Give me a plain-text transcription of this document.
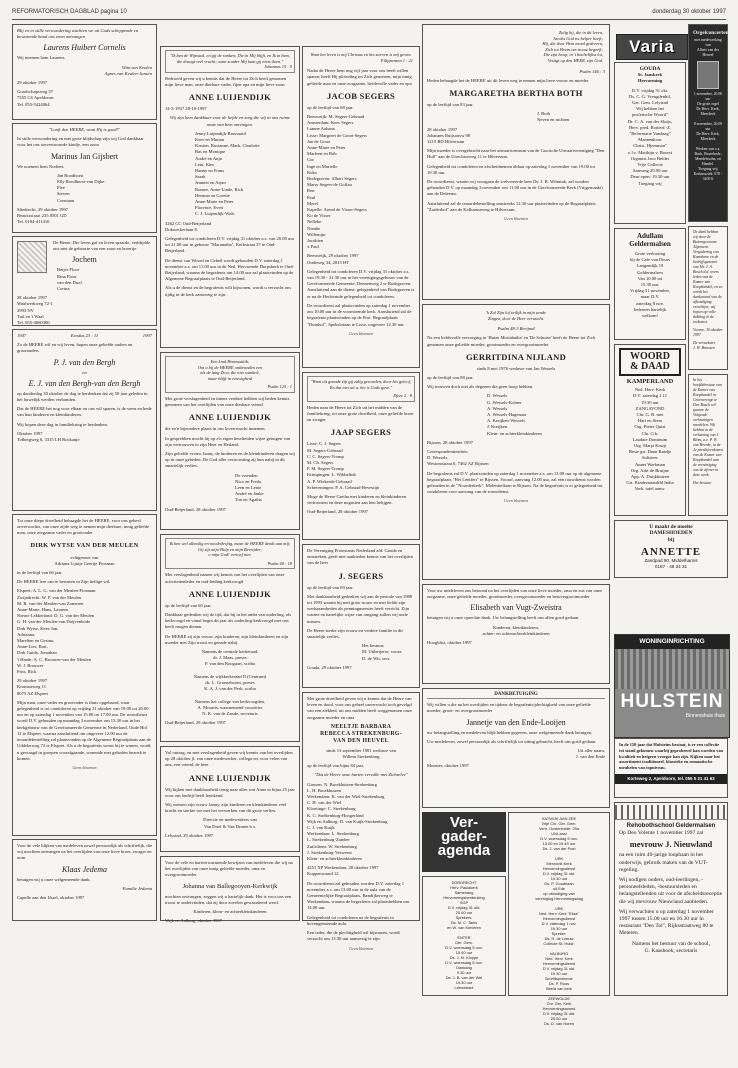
REFORMATORISCH DAGBLAD pagina 10	donderdag 30 oktober 1997

Blij en in stille verwondering wachten we uit Gods scheppende en bewarende hand ons zoon ontvangen

Laurens Huibert Cornelis

Wij noemen hem Laurens.

Wim van Keulen
Agnes van Keulen-Jansen

29 oktober 1997

Graafschapsweg 57
7555 CS Apeldoorn
Tel. 055-5424064

"Looft den HEERE, want Hij is goed!"

In stille verwondering en met grote blijdschap zijn wij God dankbaar voor het ons toevertrouwde kindje, een zoon

Marinus Jan Gijsbert

We noemen hem Norbert.

Jan Roodhorst
Elly Roodhorst-van Dijke
Flee
Steven
Constaan

Sliedrecht, 29 oktober 1997
Beatrixstraat 235 8501 GD
Tel. 0184-411410

De Heere, Die leven gaf en leven spaarde, verblijdde ons met de geboorte van een zoon en broertje

Jochem

Beijer Floor
Rina Floor
van den Dool
Corina

28 oktober 1997
Waalwerkweg 72-1
2993 NV
Tuil en 't Waal
Tel. 055-4660300

1947	Exodus 23 : 11	1997

Zo de HEERE wil en wij leven, hopen onze geliefde ouders en grootouders

P. J. van den Bergh
en
E. J. van den Bergh-van den Bergh

op donderdag 30 oktober de dag te herdenken dat zij 50 jaar geleden in het huwelijk werden verbonden.

Dat de HEERE het nog voor elkaar en ons wil sparen, is de wens en bede van hun kinderen en kleinkinderen.

Wij hopen deze dag in familiekring te herdenken.

Oktober 1997
Tolbergweg 6, 3315 LH Rockanje

Tot onze diepe droefheid behaagde het de HEERE, voor ons geheel onverwachts, van onze zijde weg te nemen mijn dierbare, innig geliefde man, onze zorgzame vader en grootvader

DIRK WYTSE VAN DER MEULEN

echtgenoot van
Adriana Lijntje Geertje Prosman

in de leeftijd van 66 jaar.

De HEERE lere ons te berusten in Zijn heilige wil.

Elspeet: A. L. G. van der Meulen-Prosman
Zwijndrecht: W. P. van der Meulen
M. B. van der Meulen-van Zomeren
Anne-Marie, Hans, Laurens
Nieuw-Lekkerland: D. G. van der Meulen
G. H. van der Meulen-van Duijvenbode
Dirk Wytse, Kees-Jan,
Adrianna,
Marelten en Gesina,
Anne-Lies, Bart,
Dirk Guido, Jonathan
't Harde: A. C. Brouwer-van der Meulen
W. J. Brouwer
Frits, Rick

29 oktober 1997
Kromsteweg 11
8075 AZ Elspeet

Mijn man, onze vader en grootvader is thuis opgebaard, waar gelegenheid is tot condoleren op vrijdag 31 oktober van 19.00 tot 20.00 uur en op zaterdag 1 november van 15.00 tot 17.00 uur. De rouwdienst wordt D.V. gehouden op maandag 3 november om 13.30 uur in het kerkgebouw van de Gereformeerde Gemeente in Nederland, Oude Hol 12 te Elspeet, waarna aansluitend om ongeveer 12.00 uur de teraardebestelling zal plaatsvinden op de Algemene Begraafplaats aan de Uddelerweg 72 te Elspeet. Als u de begrafenis wenst bij te wonen, wordt u gevraagd in groepen voorafgaande, wonende met geboden bezoek te komen.

Geen bloemen

Voor de vele blijken van medeleven zowel persoonlijk als schriftelijk, die wij mochten ontvangen na het overlijden van onze lieve broer, zwager en oom

Klaas Jedema

betuigen wij u onze welgemeende dank.

Familie Jedema

Capelle aan den IJssel, oktober 1997

"Ik ben de Wijnstok, en gij de ranken; Die in Mij blijft, en Ik in hem, die draagt veel vrucht; want zonder Mij kunt gij niets doen."
Johannes 15 : 5

Bedroefd geven wij u kennis dat de Heere tot Zich heeft genomen mijn lieve man, onze dierbare vader, fijne opa en mijn lieve zoon

ANNE LUIJENDIJK

14-3-1937 28-10-1997

Wij zijn hem dankbaar voor de liefde en zorg die wij in ons ruime mate van hem ontvingen.

Jenny Luijendijk-Brussaard
Kees en Marian
Kirsten, Rosianne, Mark, Charlotte
Bas en Monique
André en Anja
Leni, Kim
Hanny en Frans
Sarah
Jeannet en Arjan
Romee, Anne-Linde, Rick
Herman en Corette
Anne-Marie en Peter
Florence, Evert
C. J. Luijendijk-Wols

3262 CC Oud-Beijerland
Dokwerkerlaan 8

Gelegenheid tot condoleren D.V. vrijdag 31 oktober a.s. van 20.00 uur tot 21.00 uur in gebouw "Maranatha", Kerkstraat 37 te Oud-Beijerland.

De dienst van Woord en Gebed wordt gehouden D.V. zaterdag 1 november a.s. om 11.00 uur in de Ned. Hervormde Dorpskerk te Oud-Beijerland, waarna de begrafenis om 14.00 uur zal plaatsvinden op de Algemene Begraafplaats te Oud-Beijerland.

Als u de dienst en de begrafenis wilt bijwonen, wordt u verzocht om tijdig in de kerk aanwezig te zijn.

Een kind Hemmatiith;
Om u bij de HEERE ontbranden een
als de lang Zion, die niet wankelt,
maar blijft in eeuwigheid
Psalm 125 : 1

Met grote verslagenheid en intens verdriet hebben wij heden kennis genomen van het overlijden van onze dierbare vriend

ANNE LUIJENDIJK

die zo'n bijzondere plaats in ons leven mocht innemen.

In gesprekken mocht hij op z'n eigen bescheiden wijze getuigen van zijn vertrouwen in zijn Heer en Heiland.

Zijn geliefde vrouw Janny, de kinderen en de kleinkinderen dragen wij op in onze gebeden. De God aller vertroosting zij hun nabij in dit smartelijk verlies.

De vrienden
Nico en Freda
Leen en Lenie
André en Janke
Ton en Agatha

Oud-Beijerland, 28 oktober 1997

Ik ben wel allmalig en noodrikrijtig, maar de HEERE denkt aan mij;
Gij zijt mijn Hulp en mijn Bevrijder;
o mijn God! vertoef niet.
Psalm 40 : 18

Met verslagenheid namen wij kennis van het overlijden van onze activiteitenleder en oud-leiding kerkvoogd

ANNE LUIJENDIJK

op de leeftijd van 60 jaar.

Dankbaar gedenken wij de tijd, dat hij in het ambt van ouderling, als kerkvoogd en vanaf begin dit jaar als ouderling-kerkvoogd met ons heeft mogen dienen.

De HEERE zij zijn vrouw, zijn kinderen, zijn kleinkinderen en zijn moeder met Zijn troost en genade nabij.

Namens de centrale kerkeraad,
dr. J. Maas, preses
P. van den Boogaart, scriba

Namens de wijkkerkeraad II (Centrum)
ds. L. Groeneboom, preses
K. A. J. van der Perk, scriba

Namens het college van kerkvoogden,
A. Mourits, waarnemend voorzitter
N. K. van de Zande, secretaris

Oud-Beijerland, 29 oktober 1997

Vol ontzag, en met verslagenheid geven wij kennis van het overlijden op 28 oktober jl. van onze medewerker, collega en, voor velen van ons, een vriend, de heer

ANNE LUIJENDIJK

Wij kijken met dankbaarheid terug naar alles wat Anne in bijna 25 jaar voor ons bedrijf heeft betekend.

Wij wensen zijn vrouw Janny, zijn kinderen en kleinkinderen veel kracht en sterkte toe met het verwerken van dit grote verlies.

Directie en medewerkers van
Van Driel & Van Druten b.v.

Lelystad, 29 oktober 1997

Voor de vele en hartverwarmende bewijzen van medeleven die wij na het overlijden van onze innig geliefde moeder, oma en overgrootmoeder

Johanna van Ballegooyen-Kerkwijk

mochten ontvangen, zeggen wij u hartelijk dank. Het is voor ons een troost te ondervinden, dat zij door zovelen gewaardeerd werd.

Kinderen, klein- en achterkleinkinderen

Wijk en Aalburg, oktober 1997

Want het leven is mij Christus en het sterven is mij gewin.
Filippenzen 1 : 21

Nadat de Heere hem nog vijf jaar voor ons heeft willen sparen, heeft Hij plotseling tot Zich genomen, mijn innig geliefde man en onze zorgzame, liefdevolle vader en opa

JACOB SEGERS

op de leeftijd van 68 jaar.

Beesweijk: M. Segers-Gebraad
Amsterdam: Kees Segers
Lianne Aalsma
Lisse: Margreet de Groot-Segers
Jan de Groot
Anne-Marie en Peter
Marleen en Bob
Cor
Inge en Marielle
Roko
Bodegraven: Albert Segers
Marry Segers-de Goffau
Ren
Paul
Merel
Kapelle: Arend de Visser-Segers
Ko de Visser
Nelleke
Nienke
Willemijn
Jacobien
± Paul

Beesweijk, 29 oktober 1997
Oudeweg 34, 2815 HT

Gelegenheid tot condoleren D.V. vrijdag 31 oktober a.s. van 19.30 - 21.30 uur in het verenigingsgebouw van de Gereformeerde Gemeente, Dennenweg 2 te Bodegraven. Aansluitend aan de dienst: gelegenheid van Bodegraven is er na de Herformde gelegenheid tot condoleren.

De rouwdienst zal plaatsvinden op zaterdag 1 november om 10.00 uur in de voornoemde kerk. Aansluitend zal de begrafenis plaatsvinden op de Prot. Begraafplaats "Duinhof", Speksloiaan te Lisse, ongeveer 12.30 uur.

Geen bloemen
"Want uit genade zijt gij zalig geworden, door het geloof;
En dat niet uit u, het is Gods gave."
Efeze 2 : 8

Heden nam de Heere tot Zich uit het midden van de familiekring, tot onze grote droefheid, onze geliefde broer en zwager

JAAP SEGERS

Lisse: C. J. Segers
M. Segers-Gebraad
C. C. Segers-Tromp
M. Ch. Segers
P. M. Segers-Tromp
Krimpingen: L. Wibbelink
A. P. Wiekerde-Gebraad
Scheveningen: P. A. Gebraad-Bevestijn

Moge de Heere Gretha met kinderen en kleinkinderen vertroosten en deze nogasten aan hen belijgen.

Oud-Beijerland, 28 oktober 1997

De Vereniging Protestants Nederland afd. Gouda en omstreken, geeft met aanbieden kennis van het overlijden van de heer

J. SEGERS

op de leeftijd van 69 jaar.

Met dankbaarheid gedenken wij aan de periode van 1989 tot 1993 waarin hij met grote trouw en met liefde zijn werkzaamheden als penningmeester heeft verricht. Zijn warme en hartelijke wijze van omgang zullen wij node missen.

De Heere sterke zijn vrouw en verdere familie in dit smartelijk verlies.

Het bestuur:
M. Uitbeijerse, voorz.
D. de Wit, secr.

Gouda, 29 oktober 1997

Met grote droefheid geven wij u kennis dat de Heere van leven en dood, voor ons geheel onverwacht toch gevolgd van een ziekbed, uit ons midden heeft weggenomen onze zorgzame moeder en oma

NEELTJE BARBARA
REBECCA STREKENBURG-
VAN DEN HEUVEL

sinds 13 september 1981 weduwe van
Willem Strekenburg

op de leeftijd van bijna 84 jaar.

"Dat de Heere onze harten vervulle met Zichzelve"

Giessen: N. Broekhuizen-Strekenburg
L. H. Broekhuizen
Werkendam: K. van der Wiel-Strekenburg
C. H. van der Wiel
Klootinge: C. Strekenburg
K. C. Strekenburg-Hoogerland
Wijk en Aalburg: D. van Kuijk-Strekenburg
C. J. van Kuijk
Werkendam: L. Strekenburg
L. Strekenburg-Zandee
Zuilichem: W. Strekenburg
J. Strekenburg-Verweest
Klein- en achterkleinkinderen

4251 XP Werkendam, 28 oktober 1997
Koppenwaard 12

De rouwdienst zal gehouden worden D.V. zaterdag 1 november a.s. om 13.00 uur in de aula van de Gemeentelijke Begraafplaats, Bandijkerweg te Werkendam, waarna de begrafenis zal plaatshebben om 14.00 uur.

Gelegenheid tot condoleren na de begrafenis in bovengenoemde aula.

Een ieder, die de plechtigheid wil bijwonen, wordt verzocht om 13.30 uur aanwezig te zijn.

Geen bloemen
Zalig hij, die in dit leven,
Jacobs God tot helper heeft;
Hij, die door Hem moed gedreven,
Zich tot Heem om troost begeeft;
Die zijn hoop, in 't hachelijkst lot,
Vestigt op den HEER, zijn God.

Psalm 146 : 3

Heden behaagde het de HEERE uit dit leven weg te nemen mijn lieve vrouw en moeder

MARGARETHA BERTHA BOTH

op de leeftijd van 83 jaar.

J. Both
Neven en nichten

28 oktober 1997
Johannes Ruijsonsw 90
1215 BD Hilversum

Mijn moeder is overgebracht naar het uitvaartcentrum van de Gooische Uitvaartvereniging "Den Hull" aan de Utrechtseweg 11 te Hilversum.

Gelegenheid tot condoleren en afscheidnemen aldaar op zaterdag 1 november van 19.00 tot 19.30 uur.

De rouwdienst, waarin wij voorgaan de welvereerde heer Ds. J. B. Wilmink, zal worden gehouden D.V. op maandag 3 november om 11.00 uur in de Gereformeerde Kerk (Vrijgemaakt) aan de Deleeuw.

Aansluitend zal de teraardebestelling omstreeks 12.30 uur plaatsvinden op de Begraafplaats "Zuiderhof" aan de Kolhamseweg te Hilversum.

Geen bloemen
'k Zal Zijn lof zeilijk in mijn zende
Zingen, door de Heer verwacht.

Psalm 48:3 Berijmd

Na een liefdevolle verzorging in 'Huize Moriabatha' en 'De Schutse' heeft de Heere tot Zich genomen onze geliefde moeder, grootmoeder en overgrootmoeder

GERRITDINA NIJLAND

sinds 8 mei 1976 weduwe van Jan Wessels

op de leeftijd van 88 jaar.

Wij trouwen doch niet als degenen die geen hoop hebben.

D. Wessels
G. Wessels-Kolner
A. Wessels
A. Wessels-Hagenaar
A. Kreijken-Wessels
J. Kreijken
Klein- en achterkleinkinderen

Rijssen, 28 oktober 1997

Correspondentieadres:
D. Wessels,
Westomstraat 6, 7462 AZ Rijssen

De begrafenis zal D.V. plaatsvinden op zaterdag 1 november a.s. om 13.00 uur op de algemene begraafplaats "Het Lentfert" te Rijssen. Vooraf, aanvang 12.00 uur, zal een rouwdienst worden gehouden in de "Noorderkerk", Molenhoflaan te Rijssen. Na de begrafenis is er gelegenheid tot condoleren voor aanvang van de rouwdienst.

Geen bloemen

Voor uw medeleven ons betoond na het overlijden van onze lieve moeder, oma en zus van onze zorgzame, onze geliefde moeder, grootmoeder, overgrootmoeder en betovergrootmoeder

Elisabeth van Vugt-Zweistra

betuigen wij u onze oprechte dank. Uw belangstelling heeft ons allen goed gedaan.

Kinderen, kleinkinderen,
achter- en achterachterkleinkinderen

Hoogblist, oktober 1997

DANKBETUIGING

Wij willen u die na het overlijden en tijdens de begrafenis/plechtigheid van onze geliefde moeder, groot- en overgrootmoeder

Jannetje van den Ende-Looijen

uw belangstelling en medeleven blijk hebben gegeven, onze welgemeende dank betuigen.

Uw medeleven, zowel persoonlijk als schriftelijk tot uiting gebracht, heeft ons goed gedaan.

Uit aller naam,
J. van den Ende

Monster, oktober 1997

Ver- gader- agenda
DORDRECHT
Herv. Paulakerk
Samenang
Hervormingsherdenking
SGP
D.V. vrijdag 31 okt.
20.00 uur
Sprekers:
Ds. M. C. Tanis
en W. van Kleveren

ENTER
Ger. Gem.
D.V. woensdag 5 nov.
15.00 uur
Ds. J. M. Kloppe
D.V. woensdag 5 nov.
Dankdag
9.30 uur
Ds. J. B. van der Wel
19.30 uur
Leeuwhaut
KATWIJK AAN ZEE
Vrije Chr. Ger. Gem.
Verh. Oosterholdtr. 29a
UNI-zaal
D.V. woensdag 5 nov.
15.00 en 19.45 uur
Ds. J. van der Poel

URK
Mennonit-Kerk
Hervormingsdienst
D.V. vrijdag 31 okt.
19.30 uur
Ds. P. Goudriaan
uit Ede
op uitnodiging van
vereniging Hervormingsdag

URK
Ned. Herv. Kerk "Eliza"
Hervormingsdienst
D.V. zaterdag 1 nov.
19.30 uur
Spreker:
Ds. H. de Leeuw
Collecte St. Huldr.

VALBURG
Ned. Herv. Kerk
Hervormingsdienst
D.V. vrijdag 31 okt.
19.30 uur
Schriftsprekend:
Ds. P. Roos
Beeld van kerk

ZEEWOLDE
Chr. Ger. Kerk
Hervormingsavond
D.V. vrijdag 31 okt.
20.00 uur
Ds. D. van Horen
Varia
GOUDA

St. Janskerk
Hervorming

D.V. vrijdag 31 okt.
Ds. C. G. Vreugdenhil,
Ger. Gem. Lelystad
Wij hebben het
profetische Woord"
Dr. C. A. van der Sluijs,
Herv. pred. Rotterd.-Z.
"Reformatie Vandaag"
Mannenkoor
Christ. Hjemman"
o.l.v. Marthijn v. Boorst
Organist Jaco Belder
Vrije Collecte
Aanvang 20.00 uur
Deur open: 19.30 uur
Toegang vrij

Orgelconcerten

met medewerking van
Albert van der Heuvel

1 november, 20.00 uur
De grote orgel
De Herv. Kerk, Meerkerk

8 november, 20.00 uur
De Herv. Kerk, Meerkerk

Werken van o.a. Bach, Buxtehude, Mendelssohn, en Handel.
Toegang vrij
Kerkmuziek: 070 - 3450 6

Adullam
Geldermalsen

Grote verlooting
bij de Cafe van Deurs
Langendijk 19
Geldermalsen
Van 10.00 tot
15.30 uur.
Vrijdag 31 november,
maar D.V.
zaterdag 8 nov.
Iedereen hartelijk
welkom!

WOORD
& DAAD
KAMPERLAND

Ned. Herv. Kerk
D.V. zaterdag 1.11
19.30 uur
ZANGAVOND
Chr. G. B. met
Hart en Stem
Org. Pieter Quist
Chr. G.k.
Laudate Dominum
Org. Marja Kruijt
Beste grt. Daan Raadje
Solisten:
Annet Werkman
Org. Adri de Bruijne
App. A. Duijkhuizen
Grt. Kindermiatdfld India
Verk. tafel aanw.

De dank hebben wij door de Buitengewoone Algemene Vergadering van Kamdomo en de bedrijfsgenoten van Mr. J. A. Bosch d.d. overs leden van de Kamer van Koophandel; en zo wordt het dankwoord van de afkondiging verschijnt; wij hopen op volle dekking in de toekomst.

Voorne, 30 oktober 1997

De verstekster
J. W. Hanssen

In het hoofdsbestuur van de Kamer van Koophandel in Groenerenge te Den Bosch wil gaarne de Volgende verkiezingen meedelen: Wij hebben in de verkiezing van J. Blom, a.e. P. W. van Heerde, in de 2e persbijeenkomst van de Kamer van Koophandel aan de vernietiging van de afvoer in deze week.

Het bestuur

U maakt de moeite
DAMESHOEDEN
bij

ANNETTE

Zandpad 90, Middelharnis
0187 - 48 24 31

WONINGINRICHTING
HULSTEIN
Binnenshuis thuis

In de 150 jaar dat Hulsteins bestaat, is er een collectie tot stand gekomen waarbij geprobeerd kan worden van kwaliteit en hetgeen vroeger kan zijn. Kijken naar het assortiment traditioneel, klassieke en romantische meubelen van topniveau.

Korteweg 2, Apeldoorn, tel. 055 5 21 41 63
Rehobothschool Geldermalsen

Op Deo Volente 1 november 1997 zal

mevrouw J. Nieuwland

na een ruim 40-jarige loopbaan in het onderwijs, gebruik maken van de VUT-regeling.

Wij nodigen ouders, oud-leerlingen, -personeelsleden, -bestuursleden en belangstellenden uit voor de afscheidsreceptie die wij mevrouw Nieuwland aanbieden.

Wij verwachten u op zaterdag 1 november 1997 tussen 15.00 uur en 16.30 uur in restaurant "Den Tol", Rijksstraatweg 80 te Meteren.

Namens het bestuur van de school,
G. Kaashoek, secretaris
